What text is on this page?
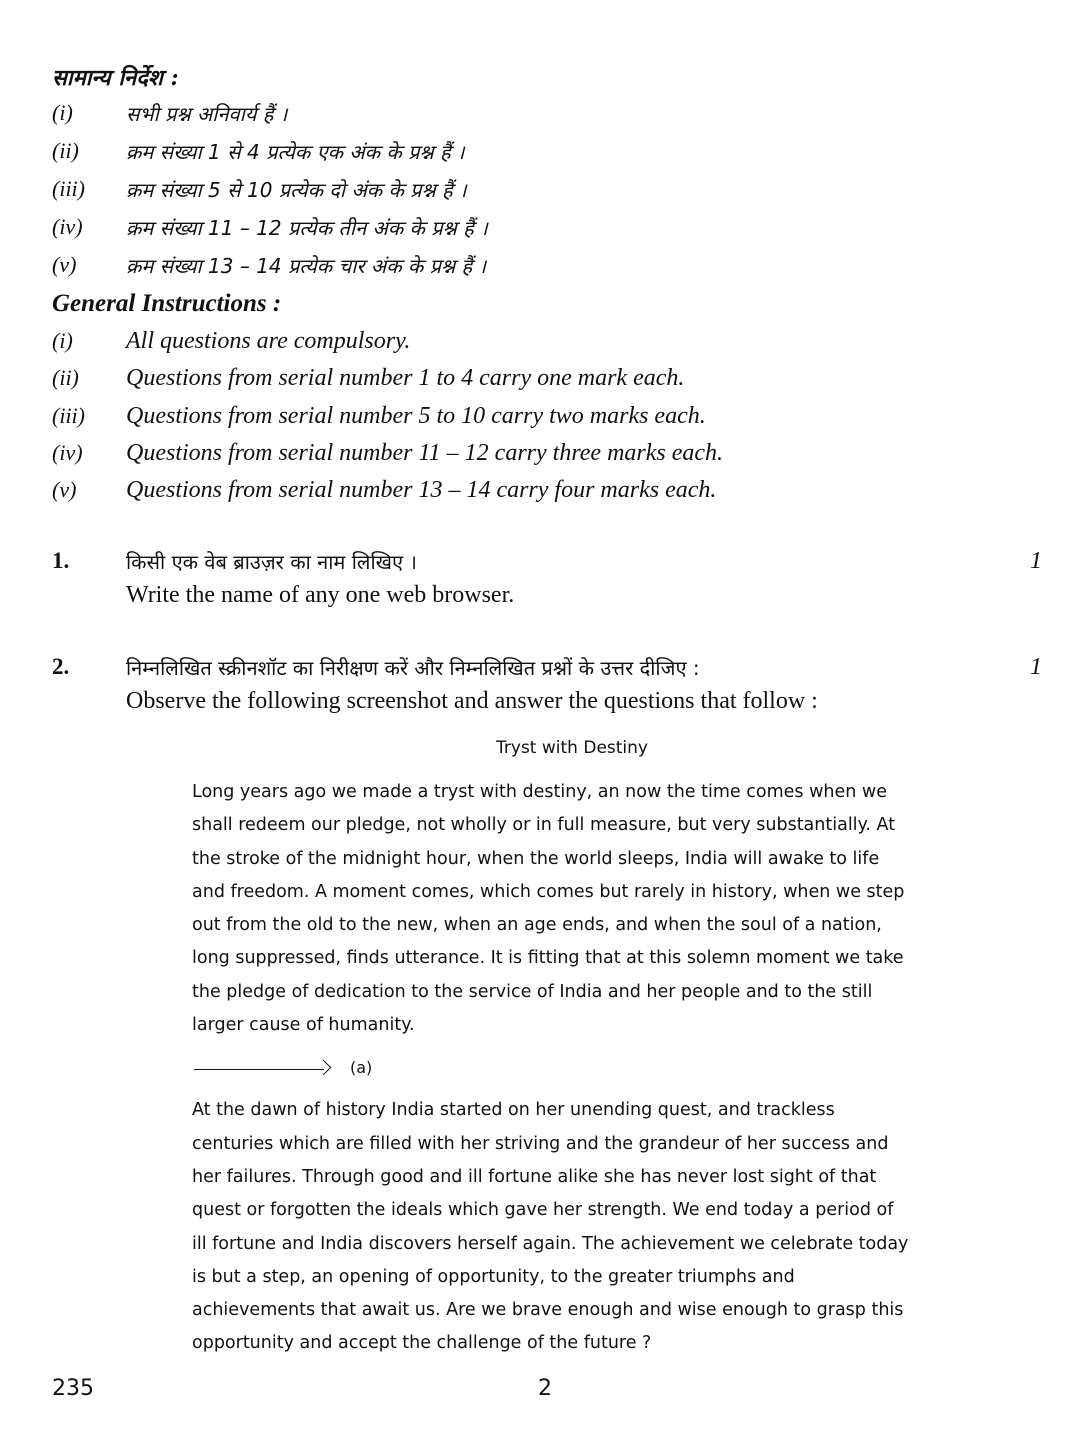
सामान्य निर्देश :
(i)	सभी प्रश्न अनिवार्य हैं ।
(ii) क्रम संख्या 1 से 4 प्रत्येक एक अंक के प्रश्न हैं ।
(iii) क्रम संख्या 5 से 10 प्रत्येक दो अंक के प्रश्न हैं ।
(iv) क्रम संख्या 11 – 12 प्रत्येक तीन अंक के प्रश्न हैं ।
(v) क्रम संख्या 13 – 14 प्रत्येक चार अंक के प्रश्न हैं ।
General Instructions :
(i) All questions are compulsory.
(ii) Questions from serial number 1 to 4 carry one mark each.
(iii) Questions from serial number 5 to 10 carry two marks each.
(iv) Questions from serial number 11 – 12 carry three marks each.
(v) Questions from serial number 13 – 14 carry four marks each.
1.	किसी एक वेब ब्राउज़र का नाम लिखिए ।
Write the name of any one web browser.
1
2.	निम्नलिखित स्क्रीनशॉट का निरीक्षण करें और निम्नलिखित प्रश्नों के उत्तर दीजिए :
Observe the following screenshot and answer the questions that follow :
1
Tryst with Destiny
Long years ago we made a tryst with destiny, an now the time comes when we
shall redeem our pledge, not wholly or in full measure, but very substantially. At
the stroke of the midnight hour, when the world sleeps, India will awake to life
and freedom. A moment comes, which comes but rarely in history, when we step
out from the old to the new, when an age ends, and when the soul of a nation,
long suppressed, finds utterance. It is fitting that at this solemn moment we take
the pledge of dedication to the service of India and her people and to the still
larger cause of humanity.
(a)
At the dawn of history India started on her unending quest, and trackless
centuries which are filled with her striving and the grandeur of her success and
her failures. Through good and ill fortune alike she has never lost sight of that
quest or forgotten the ideals which gave her strength. We end today a period of
ill fortune and India discovers herself again. The achievement we celebrate today
is but a step, an opening of opportunity, to the greater triumphs and
achievements that await us. Are we brave enough and wise enough to grasp this
opportunity and accept the challenge of the future ?
235	2
